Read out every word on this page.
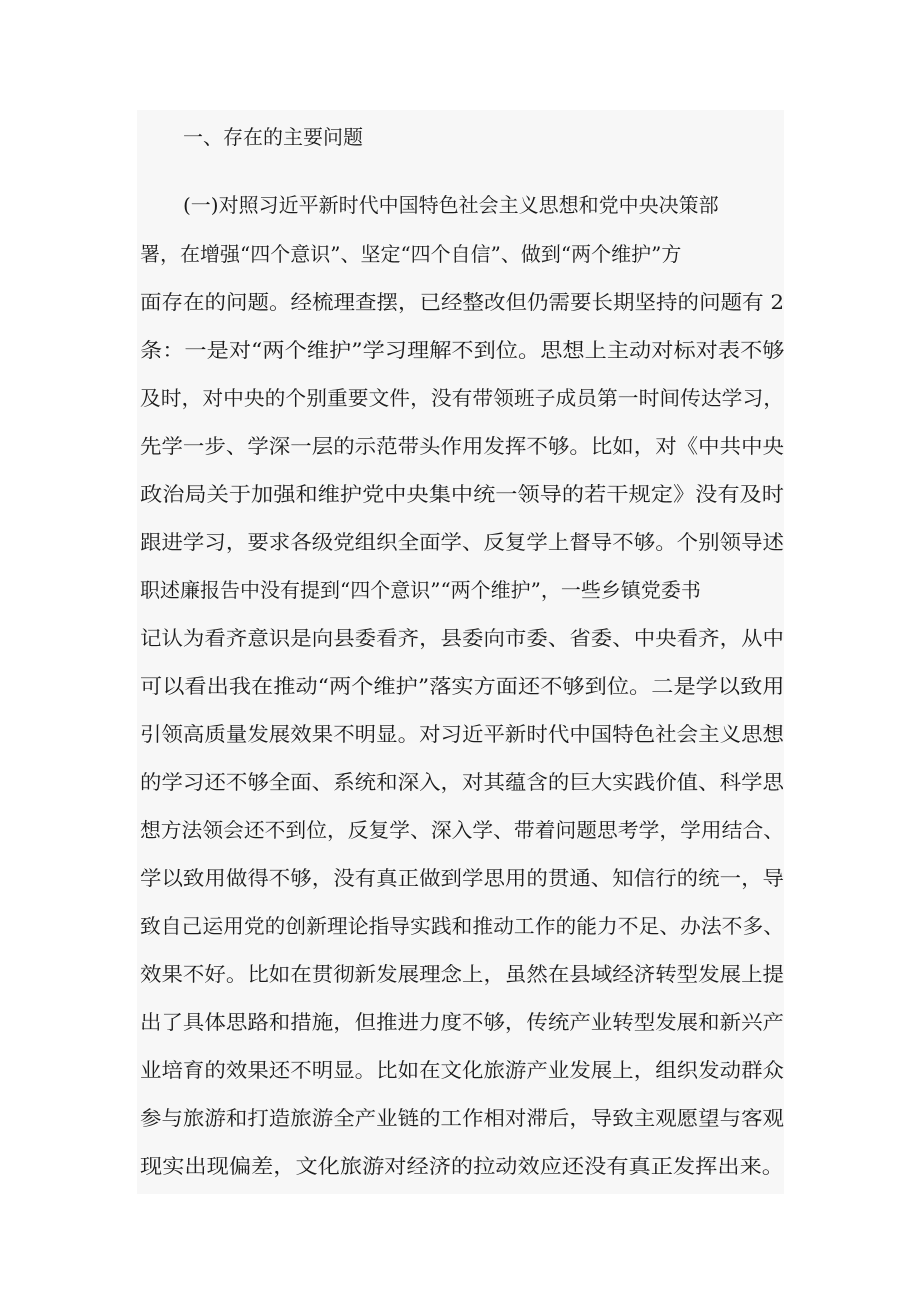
一、存在的主要问题

(一)对照习近平新时代中国特色社会主义思想和党中央决策部

署，在增强“四个意识”、坚定“四个自信”、做到“两个维护”方

面存在的问题。经梳理查摆，已经整改但仍需要长期坚持的问题有 2

条：一是对“两个维护”学习理解不到位。思想上主动对标对表不够

及时，对中央的个别重要文件，没有带领班子成员第一时间传达学习，

先学一步、学深一层的示范带头作用发挥不够。比如，对《中共中央

政治局关于加强和维护党中央集中统一领导的若干规定》没有及时

跟进学习，要求各级党组织全面学、反复学上督导不够。个别领导述

职述廉报告中没有提到“四个意识”“两个维护”，一些乡镇党委书

记认为看齐意识是向县委看齐，县委向市委、省委、中央看齐，从中

可以看出我在推动“两个维护”落实方面还不够到位。二是学以致用

引领高质量发展效果不明显。对习近平新时代中国特色社会主义思想

的学习还不够全面、系统和深入，对其蕴含的巨大实践价值、科学思

想方法领会还不到位，反复学、深入学、带着问题思考学，学用结合、

学以致用做得不够，没有真正做到学思用的贯通、知信行的统一，导

致自己运用党的创新理论指导实践和推动工作的能力不足、办法不多、

效果不好。比如在贯彻新发展理念上，虽然在县域经济转型发展上提

出了具体思路和措施，但推进力度不够，传统产业转型发展和新兴产

业培育的效果还不明显。比如在文化旅游产业发展上，组织发动群众

参与旅游和打造旅游全产业链的工作相对滞后，导致主观愿望与客观

现实出现偏差，文化旅游对经济的拉动效应还没有真正发挥出来。
